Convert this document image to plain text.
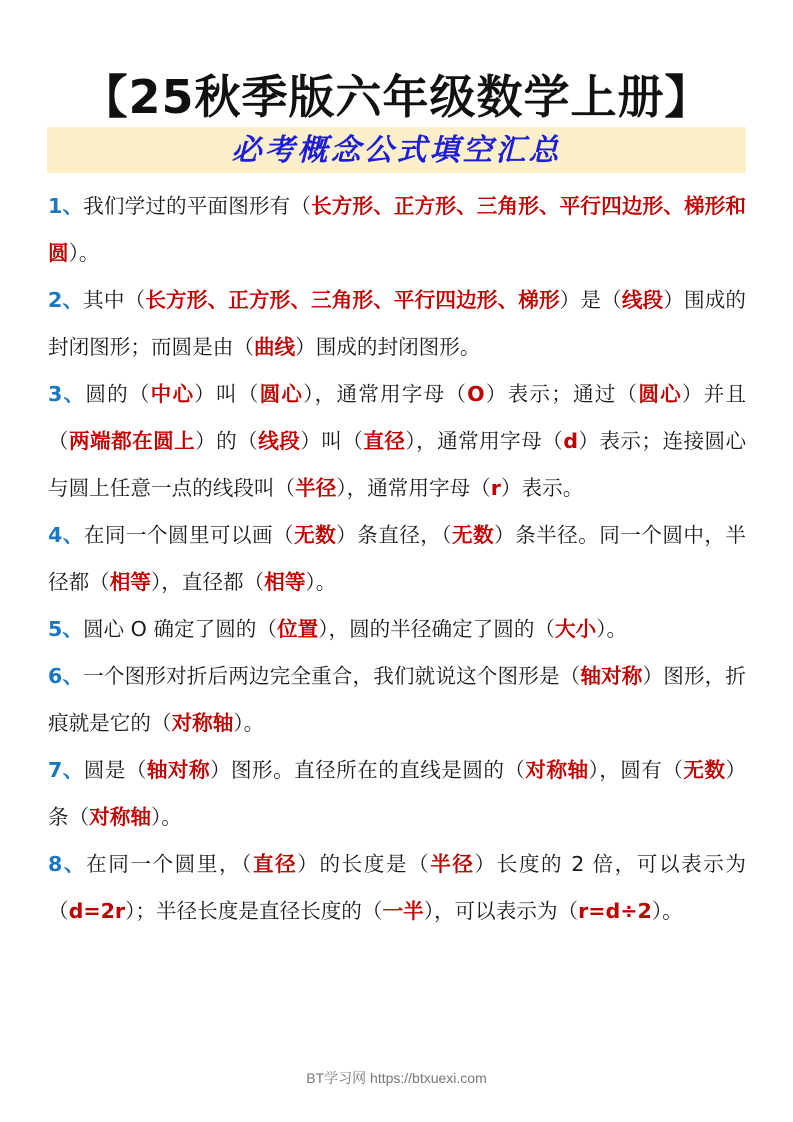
【25秋季版六年级数学上册】
必考概念公式填空汇总

1、我们学过的平面图形有（长方形、正方形、三角形、平行四边形、梯形和圆）。

2、其中（长方形、正方形、三角形、平行四边形、梯形）是（线段）围成的封闭图形；而圆是由（曲线）围成的封闭图形。

3、圆的（中心）叫（圆心），通常用字母（O）表示；通过（圆心）并且（两端都在圆上）的（线段）叫（直径），通常用字母（d）表示；连接圆心与圆上任意一点的线段叫（半径），通常用字母（r）表示。

4、在同一个圆里可以画（无数）条直径，（无数）条半径。同一个圆中，半径都（相等），直径都（相等）。

5、圆心 O 确定了圆的（位置），圆的半径确定了圆的（大小）。

6、一个图形对折后两边完全重合，我们就说这个图形是（轴对称）图形，折痕就是它的（对称轴）。

7、圆是（轴对称）图形。直径所在的直线是圆的（对称轴），圆有（无数）条（对称轴）。

8、在同一个圆里，（直径）的长度是（半径）长度的 2 倍，可以表示为（d=2r）；半径长度是直径长度的（一半），可以表示为（r=d÷2）。

BT学习网 https://btxuexi.com
